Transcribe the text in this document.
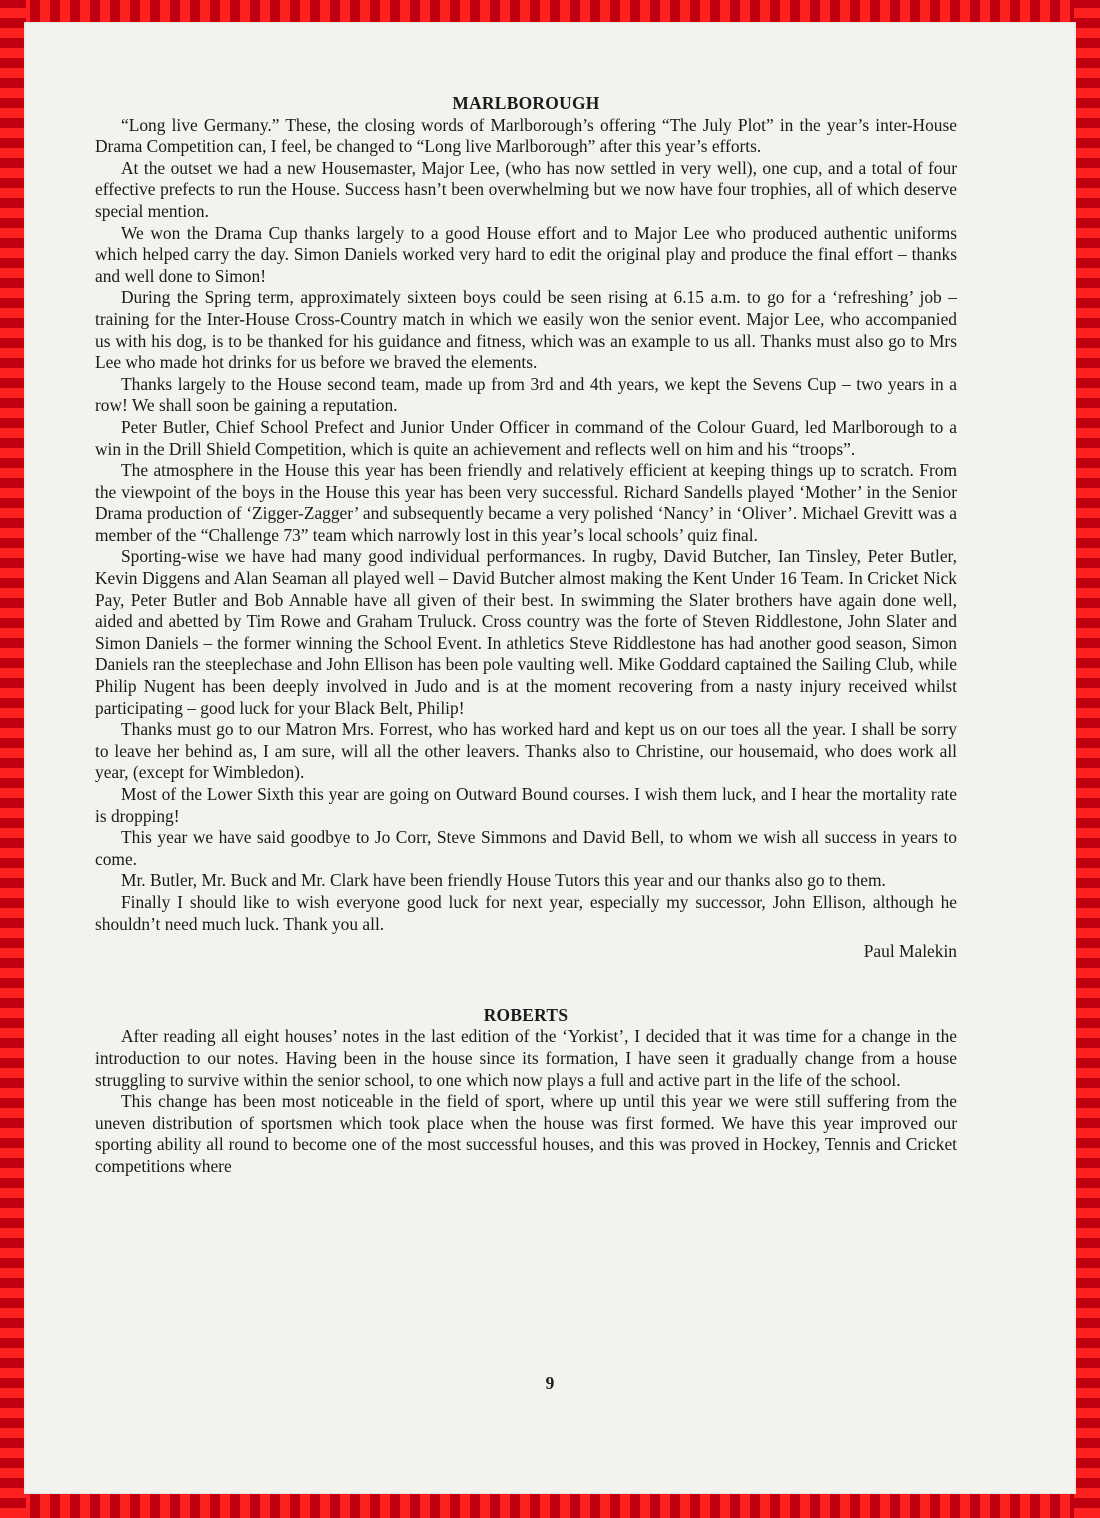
MARLBOROUGH

“Long live Germany.” These, the closing words of Marlborough’s offering “The July Plot” in the year’s inter-House Drama Competition can, I feel, be changed to “Long live Marlborough” after this year’s efforts.

At the outset we had a new Housemaster, Major Lee, (who has now settled in very well), one cup, and a total of four effective prefects to run the House. Success hasn’t been overwhelming but we now have four trophies, all of which deserve special mention.

We won the Drama Cup thanks largely to a good House effort and to Major Lee who produced authentic uniforms which helped carry the day. Simon Daniels worked very hard to edit the original play and produce the final effort – thanks and well done to Simon!

During the Spring term, approximately sixteen boys could be seen rising at 6.15 a.m. to go for a ‘refreshing’ job – training for the Inter-House Cross-Country match in which we easily won the senior event. Major Lee, who accompanied us with his dog, is to be thanked for his guidance and fitness, which was an example to us all. Thanks must also go to Mrs Lee who made hot drinks for us before we braved the elements.

Thanks largely to the House second team, made up from 3rd and 4th years, we kept the Sevens Cup – two years in a row! We shall soon be gaining a reputation.

Peter Butler, Chief School Prefect and Junior Under Officer in command of the Colour Guard, led Marlborough to a win in the Drill Shield Competition, which is quite an achievement and reflects well on him and his “troops”.

The atmosphere in the House this year has been friendly and relatively efficient at keeping things up to scratch. From the viewpoint of the boys in the House this year has been very successful. Richard Sandells played ‘Mother’ in the Senior Drama production of ‘Zigger-Zagger’ and subsequently became a very polished ‘Nancy’ in ‘Oliver’. Michael Grevitt was a member of the “Challenge 73” team which narrowly lost in this year’s local schools’ quiz final.

Sporting-wise we have had many good individual performances. In rugby, David Butcher, Ian Tinsley, Peter Butler, Kevin Diggens and Alan Seaman all played well – David Butcher almost making the Kent Under 16 Team. In Cricket Nick Pay, Peter Butler and Bob Annable have all given of their best. In swimming the Slater brothers have again done well, aided and abetted by Tim Rowe and Graham Truluck. Cross country was the forte of Steven Riddlestone, John Slater and Simon Daniels – the former winning the School Event. In athletics Steve Riddlestone has had another good season, Simon Daniels ran the steeplechase and John Ellison has been pole vaulting well. Mike Goddard captained the Sailing Club, while Philip Nugent has been deeply involved in Judo and is at the moment recovering from a nasty injury received whilst participating – good luck for your Black Belt, Philip!

Thanks must go to our Matron Mrs. Forrest, who has worked hard and kept us on our toes all the year. I shall be sorry to leave her behind as, I am sure, will all the other leavers. Thanks also to Christine, our housemaid, who does work all year, (except for Wimbledon).

Most of the Lower Sixth this year are going on Outward Bound courses. I wish them luck, and I hear the mortality rate is dropping!

This year we have said goodbye to Jo Corr, Steve Simmons and David Bell, to whom we wish all success in years to come.

Mr. Butler, Mr. Buck and Mr. Clark have been friendly House Tutors this year and our thanks also go to them.

Finally I should like to wish everyone good luck for next year, especially my successor, John Ellison, although he shouldn’t need much luck. Thank you all.

Paul Malekin

ROBERTS

After reading all eight houses’ notes in the last edition of the ‘Yorkist’, I decided that it was time for a change in the introduction to our notes. Having been in the house since its formation, I have seen it gradually change from a house struggling to survive within the senior school, to one which now plays a full and active part in the life of the school.

This change has been most noticeable in the field of sport, where up until this year we were still suffering from the uneven distribution of sportsmen which took place when the house was first formed. We have this year improved our sporting ability all round to become one of the most successful houses, and this was proved in Hockey, Tennis and Cricket competitions where

9
